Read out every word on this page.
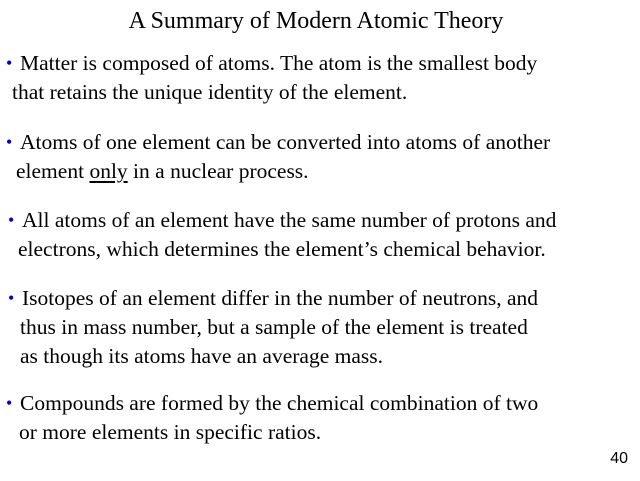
A Summary of Modern Atomic Theory

• Matter is composed of atoms. The atom is the smallest body
that retains the unique identity of the element.

• Atoms of one element can be converted into atoms of another
element only in a nuclear process.

• All atoms of an element have the same number of protons and
electrons, which determines the element’s chemical behavior.

• Isotopes of an element differ in the number of neutrons, and
thus in mass number, but a sample of the element is treated
as though its atoms have an average mass.

• Compounds are formed by the chemical combination of two
or more elements in specific ratios.

40
